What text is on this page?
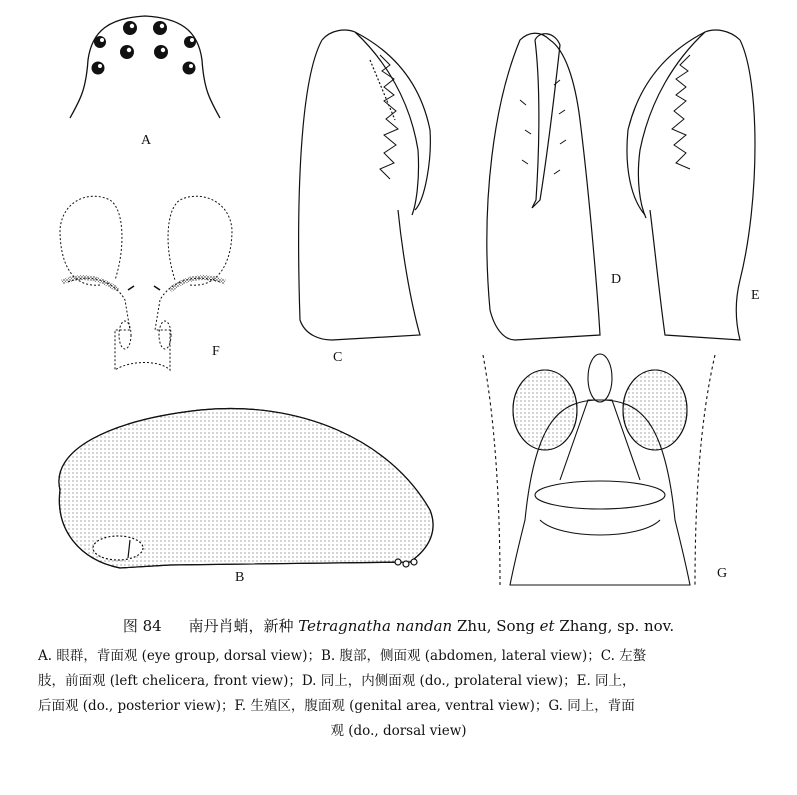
A
F	C
D
E
B	G

图 84 南丹肖蛸，新种 Tetragnatha nandan Zhu, Song et Zhang, sp. nov.

A. 眼群，背面观 (eye group, dorsal view)；B. 腹部，侧面观 (abdomen, lateral view)；C. 左螯
肢，前面观 (left chelicera, front view)；D. 同上，内侧面观 (do., prolateral view)；E. 同上，
后面观 (do., posterior view)；F. 生殖区，腹面观 (genital area, ventral view)；G. 同上，背面
观 (do., dorsal view)
